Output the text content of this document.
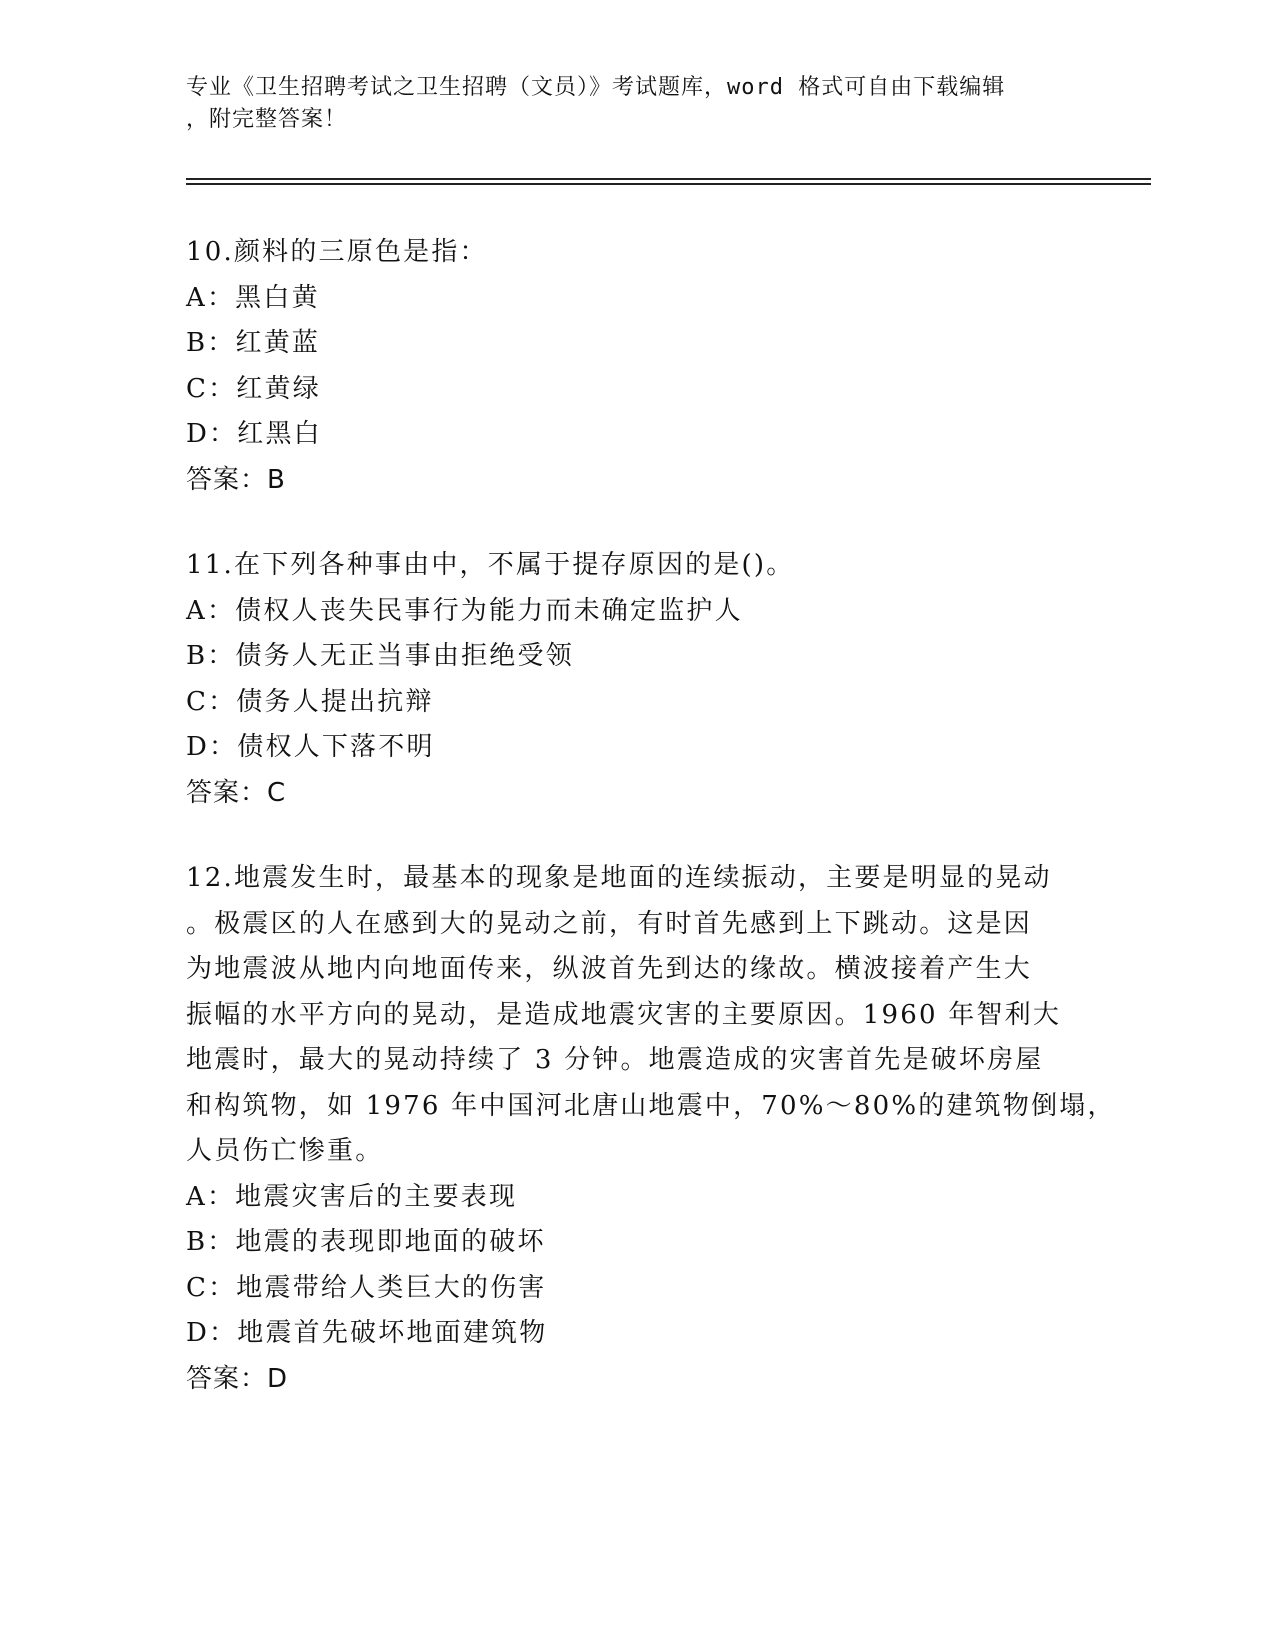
专业《卫生招聘考试之卫生招聘（文员）》考试题库，word 格式可自由下载编辑
，附完整答案！
10.颜料的三原色是指：
A：黑白黄
B：红黄蓝
C：红黄绿
D：红黑白
答案：B
11.在下列各种事由中，不属于提存原因的是()。
A：债权人丧失民事行为能力而未确定监护人
B：债务人无正当事由拒绝受领
C：债务人提出抗辩
D：债权人下落不明
答案：C
12.地震发生时，最基本的现象是地面的连续振动，主要是明显的晃动
。极震区的人在感到大的晃动之前，有时首先感到上下跳动。这是因
为地震波从地内向地面传来，纵波首先到达的缘故。横波接着产生大
振幅的水平方向的晃动，是造成地震灾害的主要原因。1960 年智利大
地震时，最大的晃动持续了 3 分钟。地震造成的灾害首先是破坏房屋
和构筑物，如 1976 年中国河北唐山地震中，70%～80%的建筑物倒塌，
人员伤亡惨重。
A：地震灾害后的主要表现
B：地震的表现即地面的破坏
C：地震带给人类巨大的伤害
D：地震首先破坏地面建筑物
答案：D
